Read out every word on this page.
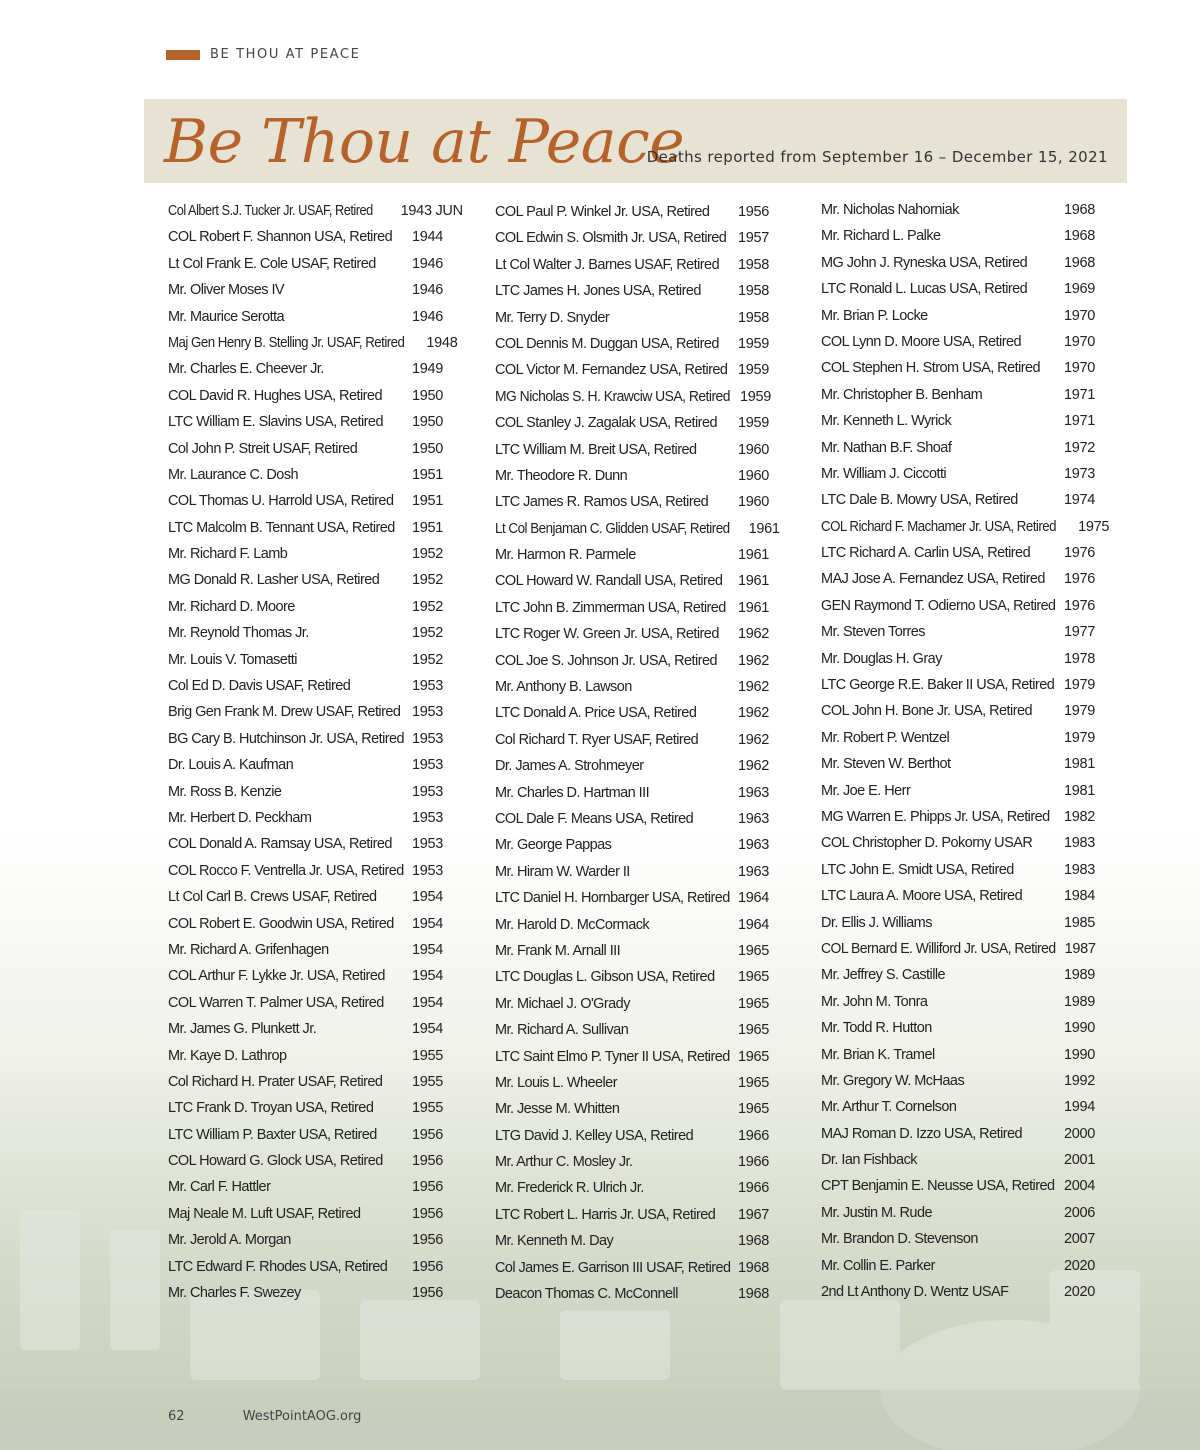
BE THOU AT PEACE
Be Thou at Peace
Deaths reported from September 16 – December 15, 2021
Col Albert S.J. Tucker Jr. USAF, Retired 1943 JUN
COL Robert F. Shannon USA, Retired 1944
Lt Col Frank E. Cole USAF, Retired 1946
Mr. Oliver Moses IV	1946
Mr. Maurice Serotta	1946
Maj Gen Henry B. Stelling Jr. USAF, Retired 1948
Mr. Charles E. Cheever Jr.	1949
COL David R. Hughes USA, Retired 1950
LTC William E. Slavins USA, Retired 1950
Col John P. Streit USAF, Retired	1950
Mr. Laurance C. Dosh	1951
COL Thomas U. Harrold USA, Retired 1951
LTC Malcolm B. Tennant USA, Retired 1951
Mr. Richard F. Lamb	1952
MG Donald R. Lasher USA, Retired 1952
Mr. Richard D. Moore	1952
Mr. Reynold Thomas Jr.	1952
Mr. Louis V. Tomasetti	1952
Col Ed D. Davis USAF, Retired	1953
Brig Gen Frank M. Drew USAF, Retired 1953
BG Cary B. Hutchinson Jr. USA, Retired 1953
Dr. Louis A. Kaufman	1953
Mr. Ross B. Kenzie	1953
Mr. Herbert D. Peckham	1953
COL Donald A. Ramsay USA, Retired 1953
COL Rocco F. Ventrella Jr. USA, Retired 1953
Lt Col Carl B. Crews USAF, Retired 1954
COL Robert E. Goodwin USA, Retired 1954
Mr. Richard A. Grifenhagen	1954
COL Arthur F. Lykke Jr. USA, Retired 1954
COL Warren T. Palmer USA, Retired 1954
Mr. James G. Plunkett Jr.	1954
Mr. Kaye D. Lathrop	1955
Col Richard H. Prater USAF, Retired 1955
LTC Frank D. Troyan USA, Retired	1955
LTC William P. Baxter USA, Retired 1956
COL Howard G. Glock USA, Retired 1956
Mr. Carl F. Hattler	1956
Maj Neale M. Luft USAF, Retired	1956
Mr. Jerold A. Morgan	1956
LTC Edward F. Rhodes USA, Retired 1956
Mr. Charles F. Swezey	1956
COL Paul P. Winkel Jr. USA, Retired 1956
COL Edwin S. Olsmith Jr. USA, Retired 1957
Lt Col Walter J. Barnes USAF, Retired 1958
LTC James H. Jones USA, Retired	1958
Mr. Terry D. Snyder	1958
COL Dennis M. Duggan USA, Retired 1959
COL Victor M. Fernandez USA, Retired 1959
MG Nicholas S. H. Krawciw USA, Retired 1959
COL Stanley J. Zagalak USA, Retired 1959
LTC William M. Breit USA, Retired	1960
Mr. Theodore R. Dunn	1960
LTC James R. Ramos USA, Retired 1960
Lt Col Benjaman C. Glidden USAF, Retired 1961
Mr. Harmon R. Parmele	1961
COL Howard W. Randall USA, Retired 1961
LTC John B. Zimmerman USA, Retired 1961
LTC Roger W. Green Jr. USA, Retired 1962
COL Joe S. Johnson Jr. USA, Retired 1962
Mr. Anthony B. Lawson	1962
LTC Donald A. Price USA, Retired	1962
Col Richard T. Ryer USAF, Retired	1962
Dr. James A. Strohmeyer	1962
Mr. Charles D. Hartman III	1963
COL Dale F. Means USA, Retired	1963
Mr. George Pappas	1963
Mr. Hiram W. Warder II	1963
LTC Daniel H. Hornbarger USA, Retired 1964
Mr. Harold D. McCormack	1964
Mr. Frank M. Arnall III	1965
LTC Douglas L. Gibson USA, Retired 1965
Mr. Michael J. O'Grady	1965
Mr. Richard A. Sullivan	1965
LTC Saint Elmo P. Tyner II USA, Retired 1965
Mr. Louis L. Wheeler	1965
Mr. Jesse M. Whitten	1965
LTG David J. Kelley USA, Retired	1966
Mr. Arthur C. Mosley Jr.	1966
Mr. Frederick R. Ulrich Jr.	1966
LTC Robert L. Harris Jr. USA, Retired 1967
Mr. Kenneth M. Day	1968
Col James E. Garrison III USAF, Retired 1968
Deacon Thomas C. McConnell	1968
Mr. Nicholas Nahorniak	1968
Mr. Richard L. Palke	1968
MG John J. Ryneska USA, Retired	1968
LTC Ronald L. Lucas USA, Retired	1969
Mr. Brian P. Locke	1970
COL Lynn D. Moore USA, Retired	1970
COL Stephen H. Strom USA, Retired 1970
Mr. Christopher B. Benham	1971
Mr. Kenneth L. Wyrick	1971
Mr. Nathan B.F. Shoaf	1972
Mr. William J. Ciccotti	1973
LTC Dale B. Mowry USA, Retired	1974
COL Richard F. Machamer Jr. USA, Retired 1975
LTC Richard A. Carlin USA, Retired 1976
MAJ Jose A. Fernandez USA, Retired 1976
GEN Raymond T. Odierno USA, Retired 1976
Mr. Steven Torres	1977
Mr. Douglas H. Gray	1978
LTC George R.E. Baker II USA, Retired 1979
COL John H. Bone Jr. USA, Retired 1979
Mr. Robert P. Wentzel	1979
Mr. Steven W. Berthot	1981
Mr. Joe E. Herr	1981
MG Warren E. Phipps Jr. USA, Retired 1982
COL Christopher D. Pokorny USAR 1983
LTC John E. Smidt USA, Retired	1983
LTC Laura A. Moore USA, Retired	1984
Dr. Ellis J. Williams	1985
COL Bernard E. Williford Jr. USA, Retired 1987
Mr. Jeffrey S. Castille	1989
Mr. John M. Tonra	1989
Mr. Todd R. Hutton	1990
Mr. Brian K. Tramel	1990
Mr. Gregory W. McHaas	1992
Mr. Arthur T. Cornelson	1994
MAJ Roman D. Izzo USA, Retired	2000
Dr. Ian Fishback	2001
CPT Benjamin E. Neusse USA, Retired 2004
Mr. Justin M. Rude	2006
Mr. Brandon D. Stevenson	2007
Mr. Collin E. Parker	2020
2nd Lt Anthony D. Wentz USAF	2020
62	WestPointAOG.org
